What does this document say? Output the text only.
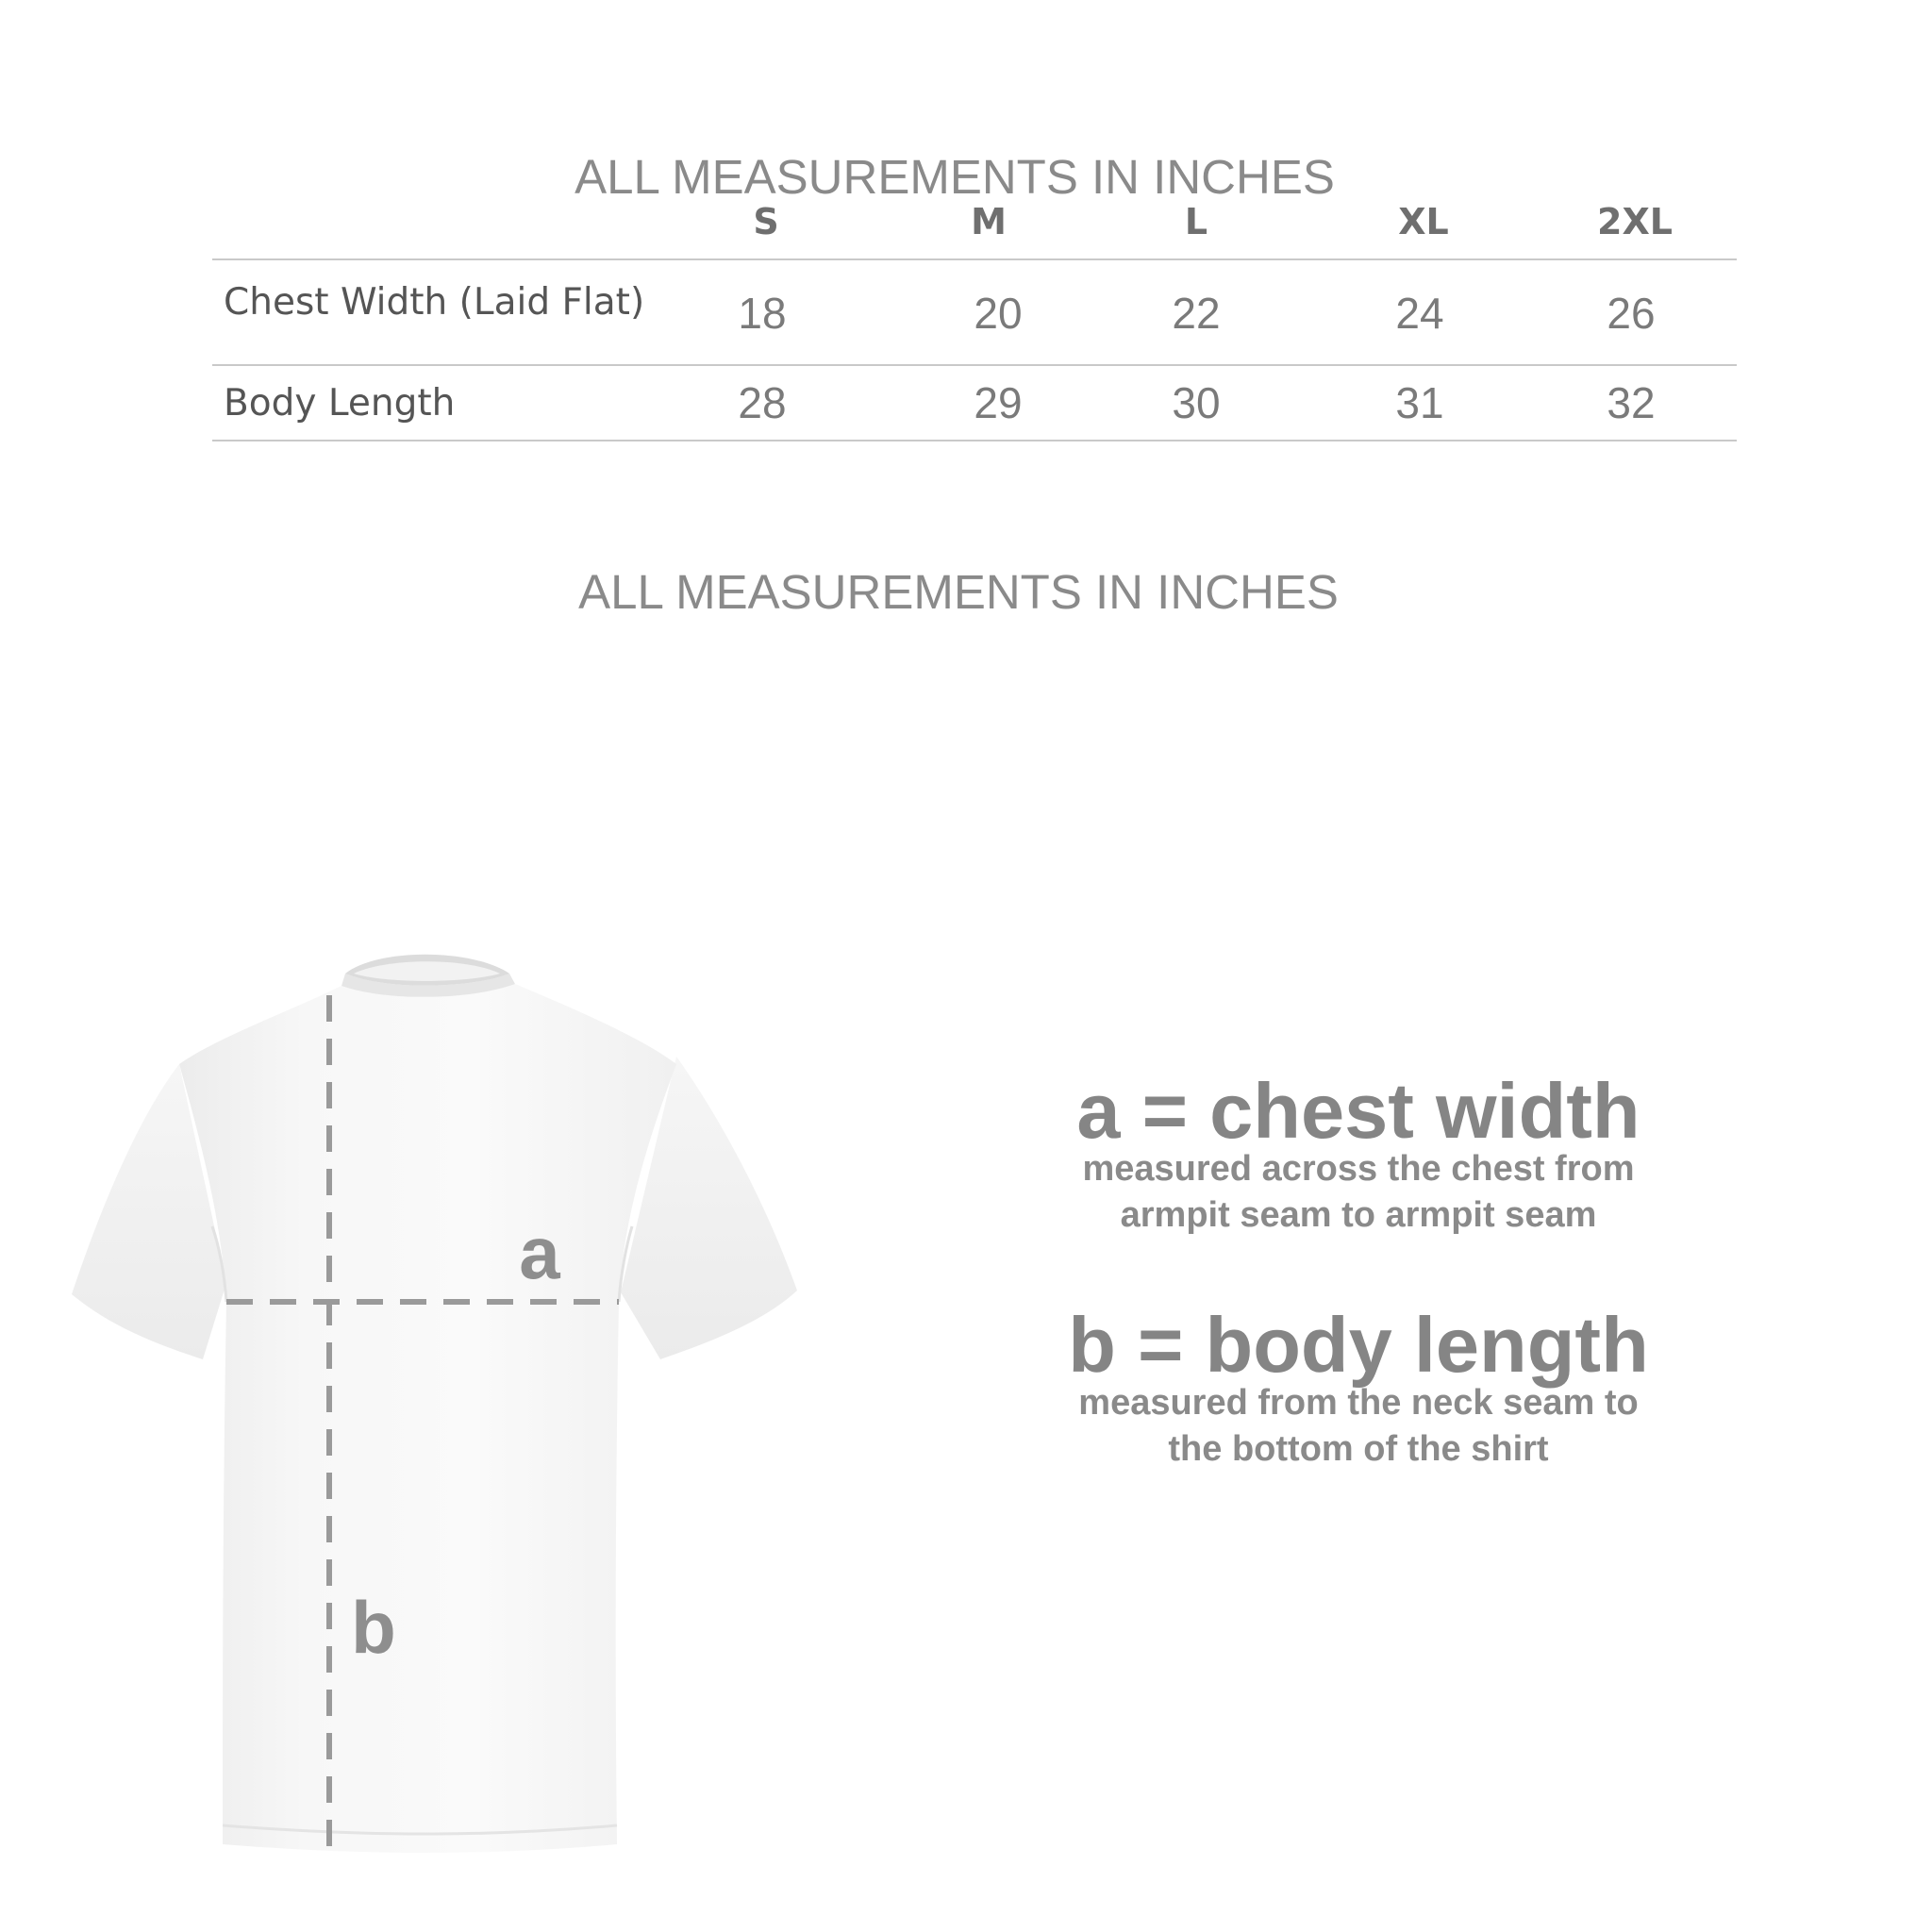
ALL MEASUREMENTS IN INCHES
S	M	L	XL	2XL
Chest Width (Laid Flat)	18	20	22	24	26
Body Length	28	29	30	31	32
ALL MEASUREMENTS IN INCHES
a
b
a = chest width
measured across the chest from
armpit seam to armpit seam
b = body length
measured from the neck seam to
the bottom of the shirt
